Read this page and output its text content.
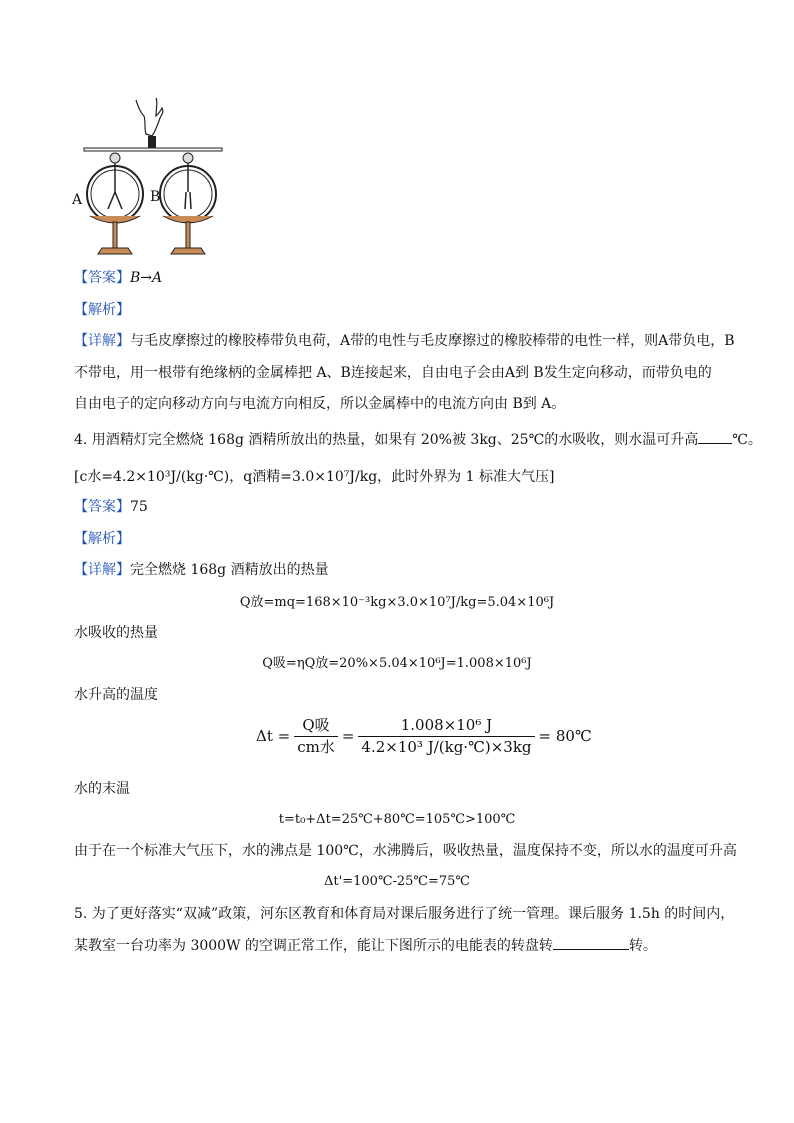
A	B
【答案】B→A
【解析】
【详解】与毛皮摩擦过的橡胶棒带负电荷，A带的电性与毛皮摩擦过的橡胶棒带的电性一样，则A带负电，B
不带电，用一根带有绝缘柄的金属棒把 A、B连接起来，自由电子会由A到 B发生定向移动，而带负电的
自由电子的定向移动方向与电流方向相反，所以金属棒中的电流方向由 B到 A。
4. 用酒精灯完全燃烧 168g 酒精所放出的热量，如果有 20%被 3kg、25℃的水吸收，则水温可升高 ℃。
[c水=4.2×10³J/(kg·℃)，q酒精=3.0×10⁷J/kg，此时外界为 1 标准大气压]
【答案】75
【解析】
【详解】完全燃烧 168g 酒精放出的热量
Q放=mq=168×10⁻³kg×3.0×10⁷J/kg=5.04×10⁶J
水吸收的热量
Q吸=ηQ放=20%×5.04×10⁶J=1.008×10⁶J
水升高的温度
$\Delta t = \frac{\text{Q吸}}{\text{cm水}} = \frac{\text{1.008×10⁶ J}}{\text{4.2×10³ J/(kg·℃)×3kg}}$ = 80℃
水的末温
t=t₀+Δt=25℃+80℃=105℃>100℃
由于在一个标准大气压下，水的沸点是 100℃，水沸腾后，吸收热量，温度保持不变，所以水的温度可升高
Δt'=100℃-25℃=75℃
5. 为了更好落实“双减”政策，河东区教育和体育局对课后服务进行了统一管理。课后服务 1.5h 的时间内，
某教室一台功率为 3000W 的空调正常工作，能让下图所示的电能表的转盘转	转。
